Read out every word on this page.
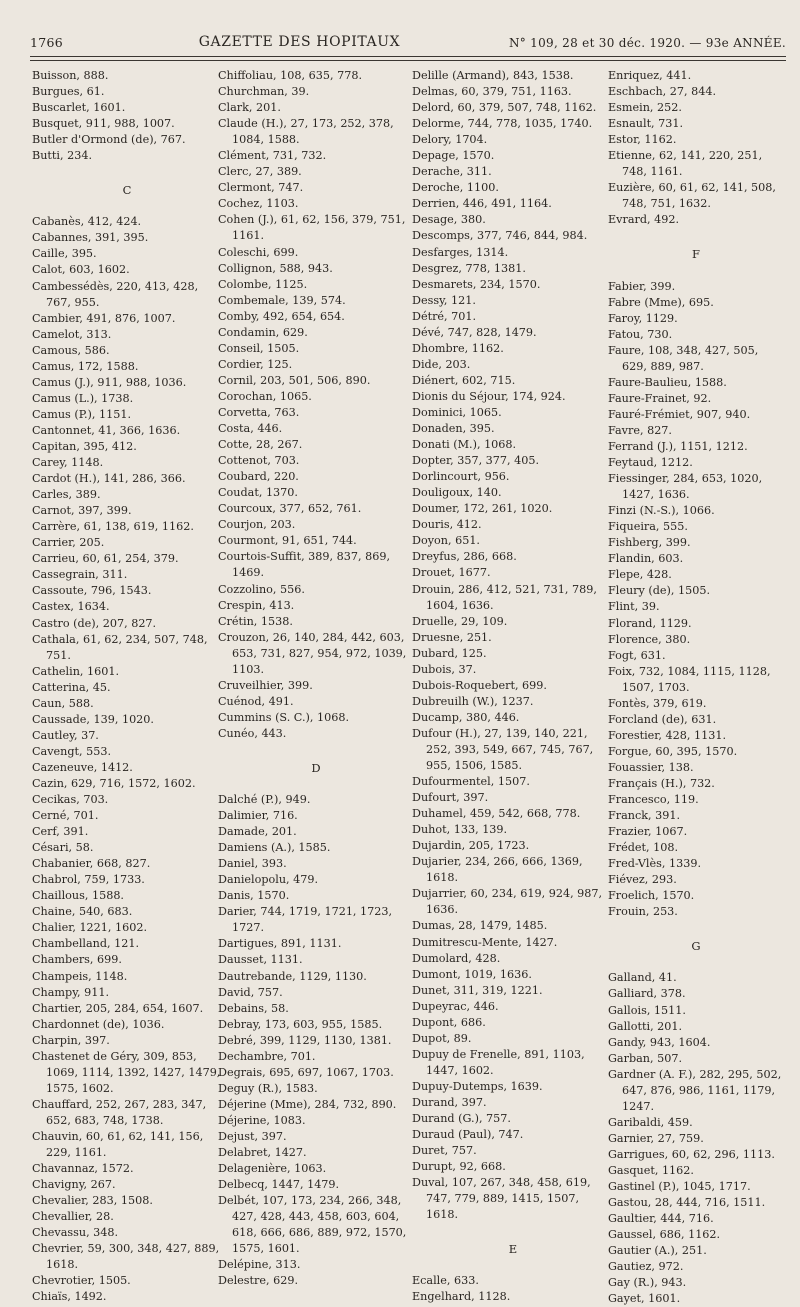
1766	GAZETTE DES HOPITAUX	N° 109, 28 et 30 déc. 1920. — 93e ANNÉE.
Buisson, 888.
Burgues, 61.
Buscarlet, 1601.
Busquet, 911, 988, 1007.
Butler d'Ormond (de), 767.
Butti, 234.
C
Cabanès, 412, 424.
Cabannes, 391, 395.
Caille, 395.
Calot, 603, 1602.
Cambessédès, 220, 413, 428, 767, 955.
Cambier, 491, 876, 1007.
Camelot, 313.
Camous, 586.
Camus, 172, 1588.
Camus (J.), 911, 988, 1036.
Camus (L.), 1738.
Camus (P.), 1151.
Cantonnet, 41, 366, 1636.
Capitan, 395, 412.
Carey, 1148.
Cardot (H.), 141, 286, 366.
Carles, 389.
Carnot, 397, 399.
Carrère, 61, 138, 619, 1162.
Carrier, 205.
Carrieu, 60, 61, 254, 379.
Cassegrain, 311.
Cassoute, 796, 1543.
Castex, 1634.
Castro (de), 207, 827.
Cathala, 61, 62, 234, 507, 748, 751.
Cathelin, 1601.
Catterina, 45.
Caun, 588.
Caussade, 139, 1020.
Cautley, 37.
Cavengt, 553.
Cazeneuve, 1412.
Cazin, 629, 716, 1572, 1602.
Cecikas, 703.
Cerné, 701.
Cerf, 391.
Césari, 58.
Chabanier, 668, 827.
Chabrol, 759, 1733.
Chaillous, 1588.
Chaine, 540, 683.
Chalier, 1221, 1602.
Chambelland, 121.
Chambers, 699.
Champeis, 1148.
Champy, 911.
Chartier, 205, 284, 654, 1607.
Chardonnet (de), 1036.
Charpin, 397.
Chastenet de Géry, 309, 853, 1069, 1114, 1392, 1427, 1479, 1575, 1602.
Chauffard, 252, 267, 283, 347, 652, 683, 748, 1738.
Chauvin, 60, 61, 62, 141, 156, 229, 1161.
Chavannaz, 1572.
Chavigny, 267.
Chevalier, 283, 1508.
Chevallier, 28.
Chevassu, 348.
Chevrier, 59, 300, 348, 427, 889, 1618.
Chevrotier, 1505.
Chiaïs, 1492.
Chiffoliau, 108, 635, 778.
Churchman, 39.
Clark, 201.
Claude (H.), 27, 173, 252, 378, 1084, 1588.
Clément, 731, 732.
Clerc, 27, 389.
Clermont, 747.
Cochez, 1103.
Cohen (J.), 61, 62, 156, 379, 751, 1161.
Coleschi, 699.
Collignon, 588, 943.
Colombe, 1125.
Combemale, 139, 574.
Comby, 492, 654, 654.
Condamin, 629.
Conseil, 1505.
Cordier, 125.
Cornil, 203, 501, 506, 890.
Corochan, 1065.
Corvetta, 763.
Costa, 446.
Cotte, 28, 267.
Cottenot, 703.
Coubard, 220.
Coudat, 1370.
Courcoux, 377, 652, 761.
Courjon, 203.
Courmont, 91, 651, 744.
Courtois-Suffit, 389, 837, 869, 1469.
Cozzolino, 556.
Crespin, 413.
Crétin, 1538.
Crouzon, 26, 140, 284, 442, 603, 653, 731, 827, 954, 972, 1039, 1103.
Cruveilhier, 399.
Cuénod, 491.
Cummins (S. C.), 1068.
Cunéo, 443.
D
Dalché (P.), 949.
Dalimier, 716.
Damade, 201.
Damiens (A.), 1585.
Daniel, 393.
Danielopolu, 479.
Danis, 1570.
Darier, 744, 1719, 1721, 1723, 1727.
Dartigues, 891, 1131.
Dausset, 1131.
Dautrebande, 1129, 1130.
David, 757.
Debains, 58.
Debray, 173, 603, 955, 1585.
Debré, 399, 1129, 1130, 1381.
Dechambre, 701.
Degrais, 695, 697, 1067, 1703.
Deguy (R.), 1583.
Déjerine (Mme), 284, 732, 890.
Déjerine, 1083.
Dejust, 397.
Delabret, 1427.
Delagenière, 1063.
Delbecq, 1447, 1479.
Delbét, 107, 173, 234, 266, 348, 427, 428, 443, 458, 603, 604, 618, 666, 686, 889, 972, 1570, 1575, 1601.
Delépine, 313.
Delestre, 629.
Delille (Armand), 843, 1538.
Delmas, 60, 379, 751, 1163.
Delord, 60, 379, 507, 748, 1162.
Delorme, 744, 778, 1035, 1740.
Delory, 1704.
Depage, 1570.
Derache, 311.
Deroche, 1100.
Derrien, 446, 491, 1164.
Desage, 380.
Descomps, 377, 746, 844, 984.
Desfarges, 1314.
Desgrez, 778, 1381.
Desmarets, 234, 1570.
Dessy, 121.
Détré, 701.
Dévé, 747, 828, 1479.
Dhombre, 1162.
Dide, 203.
Diénert, 602, 715.
Dionis du Séjour, 174, 924.
Dominici, 1065.
Donaden, 395.
Donati (M.), 1068.
Dopter, 357, 377, 405.
Dorlincourt, 956.
Douligoux, 140.
Doumer, 172, 261, 1020.
Douris, 412.
Doyon, 651.
Dreyfus, 286, 668.
Drouet, 1677.
Drouin, 286, 412, 521, 731, 789, 1604, 1636.
Druelle, 29, 109.
Druesne, 251.
Dubard, 125.
Dubois, 37.
Dubois-Roquebert, 699.
Dubreuilh (W.), 1237.
Ducamp, 380, 446.
Dufour (H.), 27, 139, 140, 221, 252, 393, 549, 667, 745, 767, 955, 1506, 1585.
Dufourmentel, 1507.
Dufourt, 397.
Duhamel, 459, 542, 668, 778.
Duhot, 133, 139.
Dujardin, 205, 1723.
Dujarier, 234, 266, 666, 1369, 1618.
Dujarrier, 60, 234, 619, 924, 987, 1636.
Dumas, 28, 1479, 1485.
Dumitrescu-Mente, 1427.
Dumolard, 428.
Dumont, 1019, 1636.
Dunet, 311, 319, 1221.
Dupeyrac, 446.
Dupont, 686.
Dupot, 89.
Dupuy de Frenelle, 891, 1103, 1447, 1602.
Dupuy-Dutemps, 1639.
Durand, 397.
Durand (G.), 757.
Duraud (Paul), 747.
Duret, 757.
Durupt, 92, 668.
Duval, 107, 267, 348, 458, 619, 747, 779, 889, 1415, 1507, 1618.
E
Ecalle, 633.
Engelhard, 1128.
Enriquez, 441.
Eschbach, 27, 844.
Esmein, 252.
Esnault, 731.
Estor, 1162.
Etienne, 62, 141, 220, 251, 748, 1161.
Euzière, 60, 61, 62, 141, 508, 748, 751, 1632.
Evrard, 492.
F
Fabier, 399.
Fabre (Mme), 695.
Faroy, 1129.
Fatou, 730.
Faure, 108, 348, 427, 505, 629, 889, 987.
Faure-Baulieu, 1588.
Faure-Frainet, 92.
Fauré-Frémiet, 907, 940.
Favre, 827.
Ferrand (J.), 1151, 1212.
Feytaud, 1212.
Fiessinger, 284, 653, 1020, 1427, 1636.
Finzi (N.-S.), 1066.
Fiqueira, 555.
Fishberg, 399.
Flandin, 603.
Flepe, 428.
Fleury (de), 1505.
Flint, 39.
Florand, 1129.
Florence, 380.
Fogt, 631.
Foix, 732, 1084, 1115, 1128, 1507, 1703.
Fontès, 379, 619.
Forcland (de), 631.
Forestier, 428, 1131.
Forgue, 60, 395, 1570.
Fouassier, 138.
Français (H.), 732.
Francesco, 119.
Franck, 391.
Frazier, 1067.
Frédet, 108.
Fred-Vlès, 1339.
Fiévez, 293.
Froelich, 1570.
Frouin, 253.
G
Galland, 41.
Galliard, 378.
Gallois, 1511.
Gallotti, 201.
Gandy, 943, 1604.
Garban, 507.
Gardner (A. F.), 282, 295, 502, 647, 876, 986, 1161, 1179, 1247.
Garibaldi, 459.
Garnier, 27, 759.
Garrigues, 60, 62, 296, 1113.
Gasquet, 1162.
Gastinel (P.), 1045, 1717.
Gastou, 28, 444, 716, 1511.
Gaultier, 444, 716.
Gaussel, 686, 1162.
Gautier (A.), 251.
Gautiez, 972.
Gay (R.), 943.
Gayet, 1601.
